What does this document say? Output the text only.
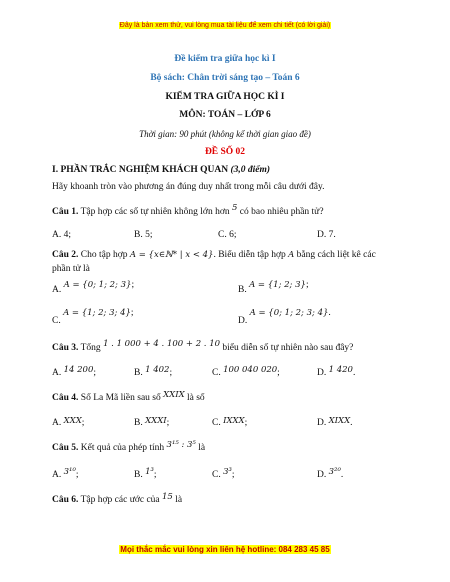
Đây là bản xem thử, vui lòng mua tài liệu để xem chi tiết (có lời giải)
Đề kiểm tra giữa học kì I
Bộ sách: Chân trời sáng tạo – Toán 6
KIỂM TRA GIỮA HỌC KÌ I
MÔN: TOÁN – LỚP 6
Thời gian: 90 phút (không kể thời gian giao đề)
ĐỀ SỐ 02
I. PHẦN TRẮC NGHIỆM KHÁCH QUAN (3,0 điểm)
Hãy khoanh tròn vào phương án đúng duy nhất trong mỗi câu dưới đây.
Câu 1. Tập hợp các số tự nhiên không lớn hơn 5 có bao nhiêu phần tử?
A. 4;	B. 5;	C. 6;	D. 7.
Câu 2. Cho tập hợp A = {x∈ℕ* | x < 4}. Biểu diễn tập hợp A bằng cách liệt kê các
phần tử là
A. A = {0; 1; 2; 3};	B. A = {1; 2; 3};
C. A = {1; 2; 3; 4};
D. A = {0; 1; 2; 3; 4}.
Câu 3. Tổng 1 . 1 000 + 4 . 100 + 2 . 10 biểu diễn số tự nhiên nào sau đây?
A. 14 200;	B. 1 402;	C. 100 040 020;	D. 1 420.
Câu 4. Số La Mã liền sau số XXIX là số
A. XXX;	B. XXXI;	C. IXXX;	D. XIXX.
Câu 5. Kết quả của phép tính 3¹⁵ : 3⁵ là
A. 3¹⁰;	B. 1³;	C. 3³;	D. 3²⁰.
Câu 6. Tập hợp các ước của 15 là
Mọi thắc mắc vui lòng xin liên hệ hotline: 084 283 45 85
